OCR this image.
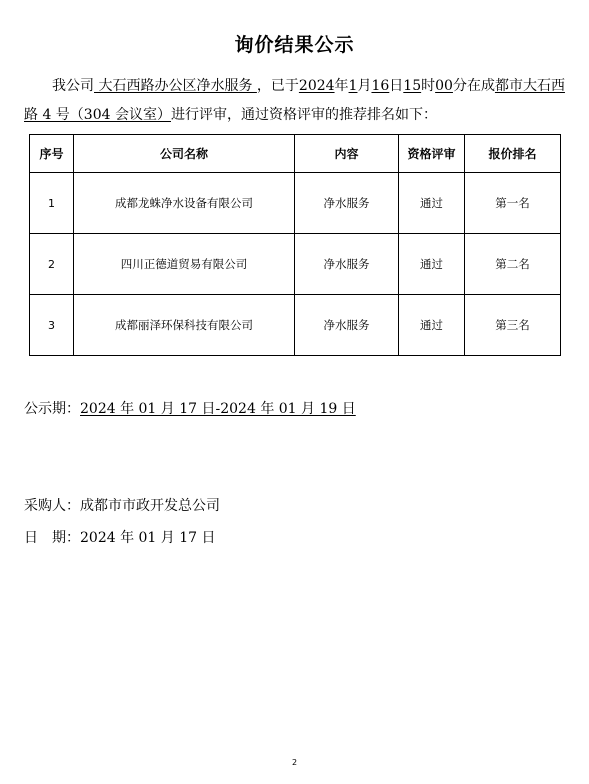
询价结果公示
我公司 大石西路办公区净水服务 ，已于2024年1月16日15时00分在成都市大石西路 4 号（304 会议室）进行评审，通过资格评审的推荐排名如下：
序号	公司名称	内容	资格评审	报价排名
1	成都龙蛛净水设备有限公司	净水服务	通过	第一名
2	四川正德道贸易有限公司	净水服务	通过	第二名
3	成都丽泽环保科技有限公司	净水服务	通过	第三名
公示期：2024 年 01 月 17 日-2024 年 01 月 19 日
采购人：成都市市政开发总公司
日　期：2024 年 01 月 17 日
2
